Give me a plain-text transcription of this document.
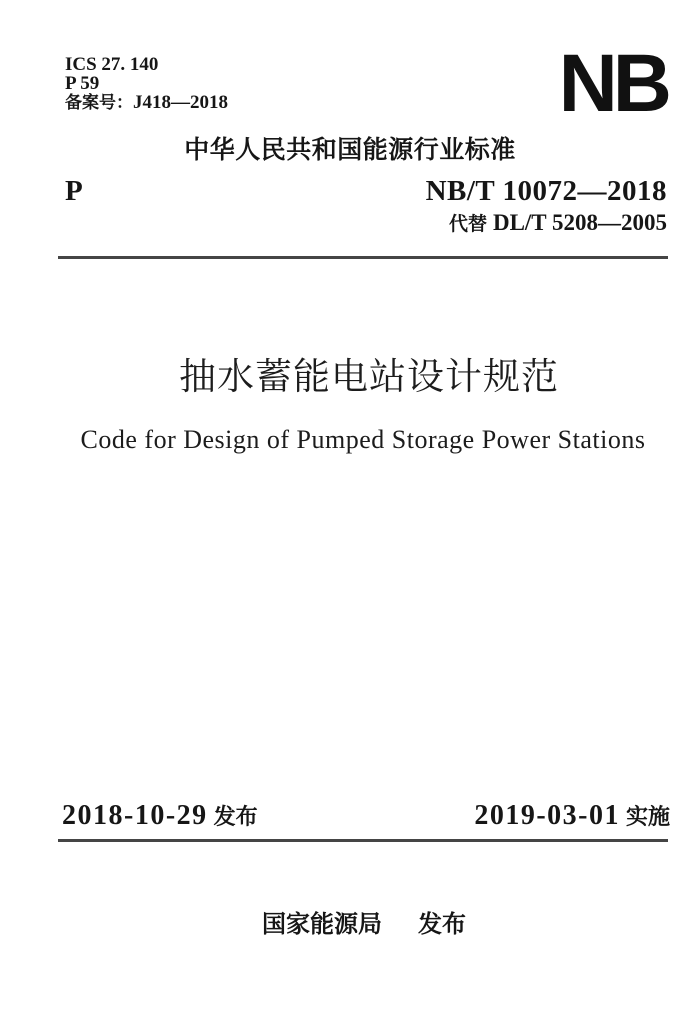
ICS 27. 140
P 59
备案号：J418—2018	NB
中华人民共和国能源行业标准
P	NB/T 10072—2018
代替 DL/T 5208—2005
抽水蓄能电站设计规范
Code for Design of Pumped Storage Power Stations
2018-10-29 发布	2019-03-01 实施
国家能源局 发布
